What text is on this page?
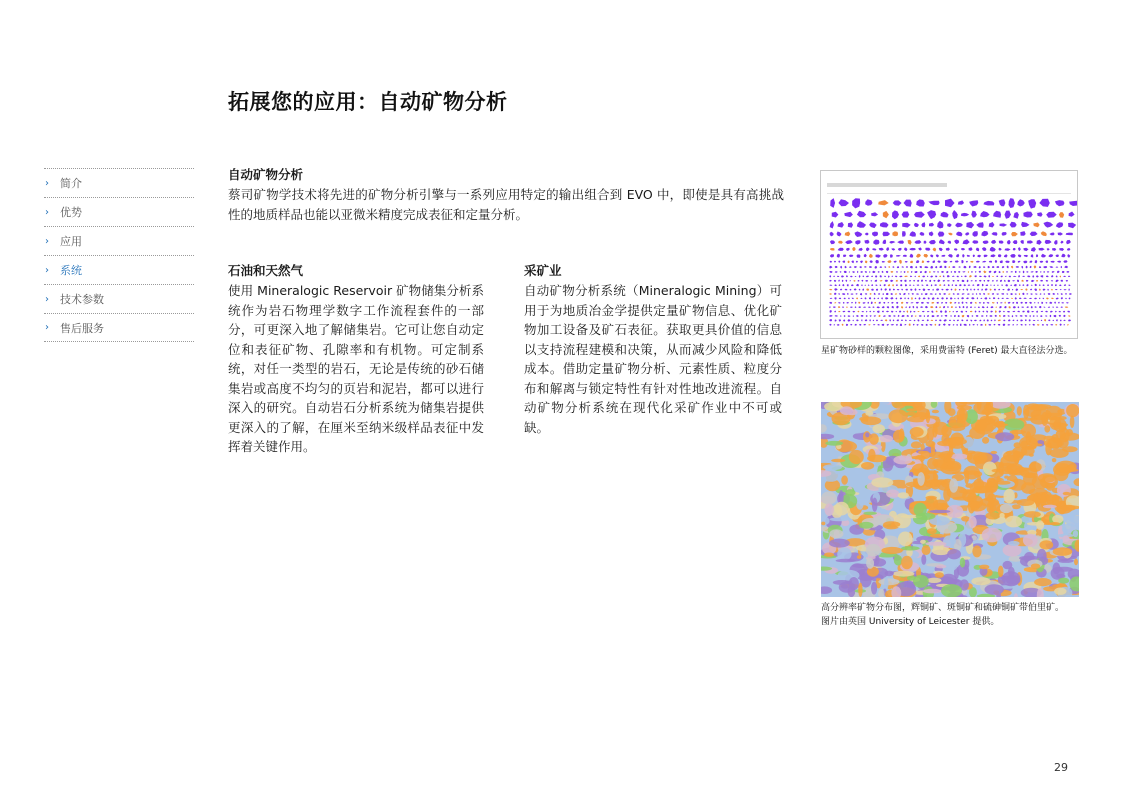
拓展您的应用：自动矿物分析
›	简介
›	优势
›	应用
›	系统
›	技术参数
›	售后服务
自动矿物分析

蔡司矿物学技术将先进的矿物分析引擎与一系列应用特定的输出组合到 EVO 中，即使是具有高挑战性的地质样品也能以亚微米精度完成表征和定量分析。

石油和天然气

使用 Mineralogic Reservoir 矿物储集分析系统作为岩石物理学数字工作流程套件的一部分，可更深入地了解储集岩。它可让您自动定位和表征矿物、孔隙率和有机物。可定制系统，对任一类型的岩石，无论是传统的砂石储集岩或高度不均匀的页岩和泥岩，都可以进行深入的研究。自动岩石分析系统为储集岩提供更深入的了解，在厘米至纳米级样品表征中发挥着关键作用。

采矿业

自动矿物分析系统（Mineralogic Mining）可用于为地质冶金学提供定量矿物信息、优化矿物加工设备及矿石表征。获取更具价值的信息以支持流程建模和决策，从而减少风险和降低成本。借助定量矿物分析、元素性质、粒度分布和解离与锁定特性有针对性地改进流程。自动矿物分析系统在现代化采矿作业中不可或缺。

星矿物砂样的颗粒图像，采用费雷特 (Feret) 最大直径法分选。
高分辨率矿物分布图，辉铜矿、斑铜矿和硫砷铜矿带伯里矿。
图片由英国 University of Leicester 提供。
29
